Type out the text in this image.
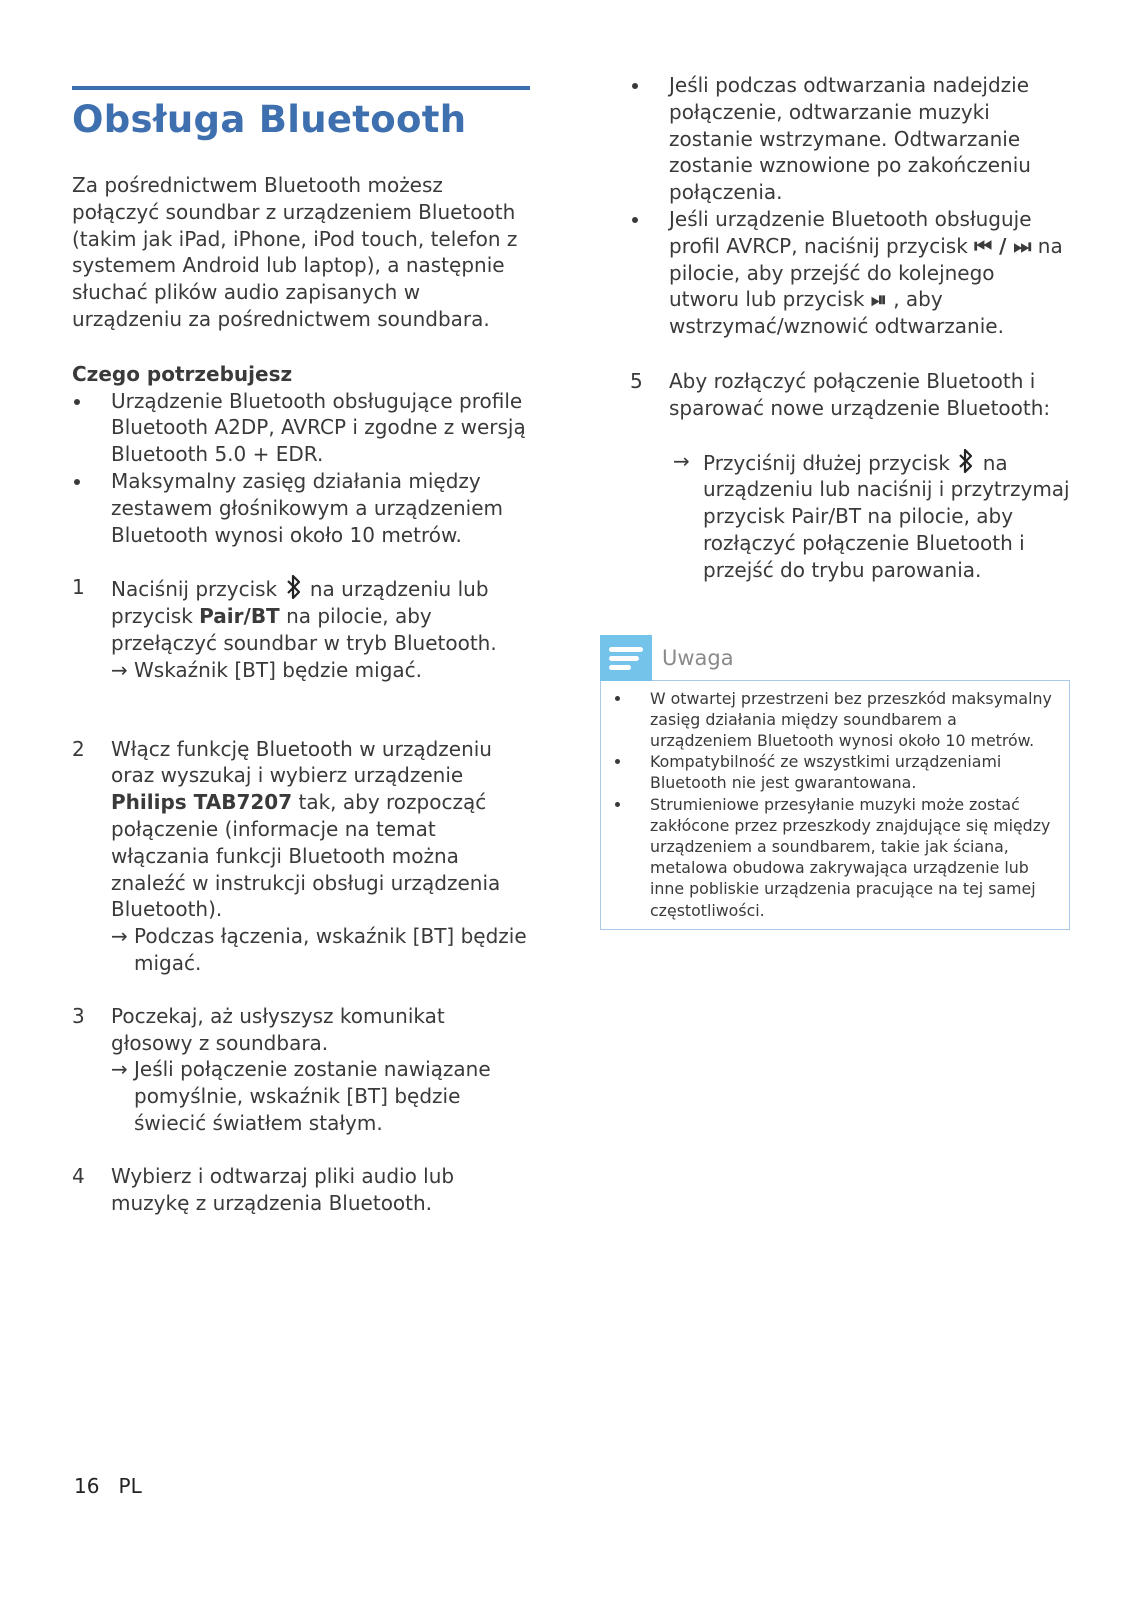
Obsługa Bluetooth

Za pośrednictwem Bluetooth możesz połączyć soundbar z urządzeniem Bluetooth (takim jak iPad, iPhone, iPod touch, telefon z systemem Android lub laptop), a następnie słuchać plików audio zapisanych w urządzeniu za pośrednictwem soundbara.

Czego potrzebujesz

Urządzenie Bluetooth obsługujące profile Bluetooth A2DP, AVRCP i zgodne z wersją Bluetooth 5.0 + EDR.
Maksymalny zasięg działania między zestawem głośnikowym a urządzeniem Bluetooth wynosi około 10 metrów.
1 Naciśnij przycisk na urządzeniu lub przycisk Pair/BT na pilocie, aby przełączyć soundbar w tryb Bluetooth.
→ Wskaźnik [BT] będzie migać.
2 Włącz funkcję Bluetooth w urządzeniu oraz wyszukaj i wybierz urządzenie Philips TAB7207 tak, aby rozpocząć połączenie (informacje na temat włączania funkcji Bluetooth można znaleźć w instrukcji obsługi urządzenia Bluetooth).
→ Podczas łączenia, wskaźnik [BT] będzie migać.
3 Poczekaj, aż usłyszysz komunikat głosowy z soundbara.
→ Jeśli połączenie zostanie nawiązane pomyślnie, wskaźnik [BT] będzie świecić światłem stałym.
4 Wybierz i odtwarzaj pliki audio lub muzykę z urządzenia Bluetooth.
Jeśli podczas odtwarzania nadejdzie połączenie, odtwarzanie muzyki zostanie wstrzymane. Odtwarzanie zostanie wznowione po zakończeniu połączenia.
Jeśli urządzenie Bluetooth obsługuje profil AVRCP, naciśnij przycisk ⏮ / ⏭ na pilocie, aby przejść do kolejnego utworu lub przycisk ⏯ , aby wstrzymać/wznowić odtwarzanie.
5 Aby rozłączyć połączenie Bluetooth i sparować nowe urządzenie Bluetooth:
→ Przyciśnij dłużej przycisk na urządzeniu lub naciśnij i przytrzymaj przycisk Pair/BT na pilocie, aby rozłączyć połączenie Bluetooth i przejść do trybu parowania.
Uwaga
W otwartej przestrzeni bez przeszkód maksymalny zasięg działania między soundbarem a urządzeniem Bluetooth wynosi około 10 metrów.
Kompatybilność ze wszystkimi urządzeniami Bluetooth nie jest gwarantowana.
Strumieniowe przesyłanie muzyki może zostać zakłócone przez przeszkody znajdujące się między urządzeniem a soundbarem, takie jak ściana, metalowa obudowa zakrywająca urządzenie lub inne pobliskie urządzenia pracujące na tej samej częstotliwości.
16 PL
